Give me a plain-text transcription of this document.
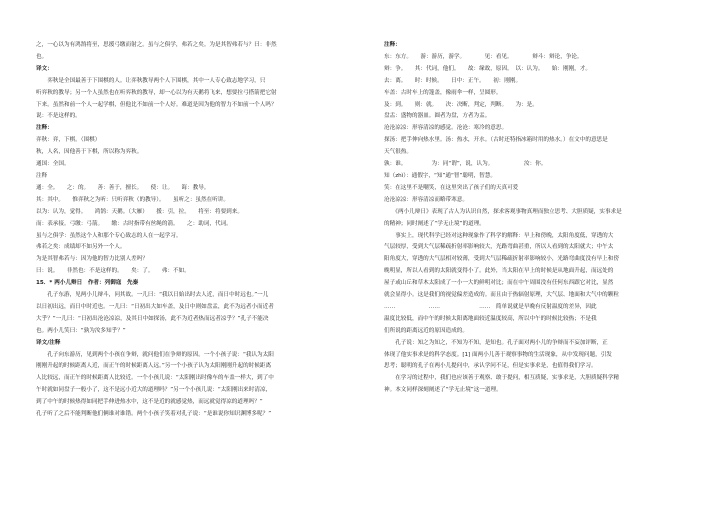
之，一心以为有鸿鹄将至，思援弓缴而射之。虽与之俱学，弗若之矣。为是其智弗若与？曰：非然
也。
译文：
　　弈秋是全国最善于下围棋的人。让弈秋教导两个人下围棋，其中一人专心致志地学习，只
听弈秋的教导；另一个人虽然也在听弈秋的教导，却一心以为有天鹅将飞来，想要拉弓搭箭把它射
下来。虽然和前一个人一起学棋，但他比不如前一个人好。难道是因为他的智力不如前一个人吗？
说：不是这样的。
注释：
弈秋：弈，下棋。（围棋）
秋，人名，因他善于下棋，所以称为弈秋。
通国：全国。
注释
通：全。　　之：的。　　善：善于，擅长。　　使：让。　　诲：教导。
其：其中。　　惟弈秋之为听：只听弈秋（的教导）。　　虽听之：虽然在听讲。
以为：认为，觉得。　　鸿鹄：天鹅。（大雁）　　援：引，拉。　　将至：将要到来。
而：表承接。弓缴：弓箭。　　缴：古时指带有丝绳的箭。　　之：助词，代词。
虽与之俱学：虽然这个人和那个专心致志的人在一起学习。
弗若之矣：成绩却不如另外一个人。
为是其智弗若与：因为他的智力比别人差吗？
曰：说。　　非然也：不是这样的。　　矣：了。　　弗：不如。
15．* 两小儿辩日　作者：列御寇　先秦
　　孔子东游，见两小儿辩斗，问其故。一儿曰：“我以日始出时去人近，而日中时远也。”一儿
以日初出远，而日中时近也。一儿曰：“日初出大如车盖，及日中则如盘盂，此不为远者小而近者
大乎？”一儿曰：“日初出沧沧凉凉，及其日中如探汤，此不为近者热而远者凉乎？”孔子不能决
也。两小儿笑曰：“孰为汝多知乎？”
译文/注释
　　孔子向东游历，见到两个小孩在争辩，就问他们在争辩的原因。一个小孩子说：“我认为太阳
刚刚升起的时候距离人近，而正午的时候距离人远。”另一个小孩子认为太阳刚刚升起的时候距离
人比较远，而正午的时候距离人比较近。一个小孩儿说：“太阳刚出时像车的车盖一样大，到了中
午时就如同盘子一般小了，这不是远小近大的道理吗？”另一个小孩儿说：“太阳刚出来时清凉，
到了中午的时候热得如同把手伸进热水中，这不是近的就感觉热，而远就觉得凉的道理吗？”
孔子听了之后不能判断他们俩谁对谁错。两个小孩子笑着对孔子说：“是谁说你知识渊博多呢？”
注释：
东：东方。　　游：游历，游学。　　　　见：看见。　　　　辩斗：辩论，争论。
辩：争。　　其：代词，他们。　　故：缘故，原因。　以：认为。　　始：刚刚，才。
去：离。　　时：时候。　　日中：正午。　　初：刚刚。
车盖：古时车上的篷盖，像雨伞一样，呈圆形。
及：到。　　则：就。　　决：决断，判定，判断。　　为：是。
盘盂：盛物的器皿。圆者为盘，方者为盂。
沧沧凉凉：形容清凉的感觉。沧沧：寒冷的意思。
探汤：把手伸向热水里。汤：热水，开水。（古时还特指冰箱时用的热水。）在文中的意思是
天气很热。
孰：谁。　　　　　为：同“谓”，说，认为。　　　　　　汝：你。
知（zhì）：通假字，“知”通“智”聪明，智慧。
笑：在这里不是嘲笑，在这里突出了孩子们的天真可爱
沧沧凉凉：形容清凉而略带寒意。
　　《两小儿辩日》表现了古人为认识自然，探求客观事物真理而独立思考、大胆质疑，实事求是
的精神；同时阐述了“学无止境”的道理。
　　事实上，现代科学已经对这种现象作了科学的解释：早上和傍晚，太阳角度低，穿透的大
气层较厚，受到大气层稀疏折射率影响较大，光路弯曲甚重，所以人看到的太阳就大；中午太
阳角度大，穿透的大气层相对较薄，受到大气层稀疏折射率影响较小，光路弯曲度没有早上和傍
晚明显，所以人看到的太阳就变得小了。此外，当太阳在早上的时候是从地面升起，而远处的
屋子或山丘和草木太阳成了一小一大的鲜明对比；而在中午周围没有任何东西跟它对比，显然
就会显得小。这是我们的视觉偏差造成的。而且由于热辐射原理，大气层、地面和大气中的颗粒
……　　　　　　……　　　　　　　……　简单说就是早晚有反射温度的差异，因此
温度比较低，而中午的时候太阳离地面较近温度较高，所以中午的时候比较热；不是我
们所说的距离远近的原因造成的。
　　孔子说：知之为知之，不知为不知，是知也。孔子面对两小儿的争辩而不妄加评断，正
体现了他实事求是的科学态度。[1] 面两小儿善于观察事物的生活现象，从中发现问题，引发
思考；聪明的孔子在两小儿提问中，承认学问不足，但是实事求是，也值得我们学习。
　　在学习的过程中，我们也应该善于观察、敢于提问，相互质疑，实事求是，大胆质疑科学精
神。本文同样深刻阐述了“学无止境”这一道理。
